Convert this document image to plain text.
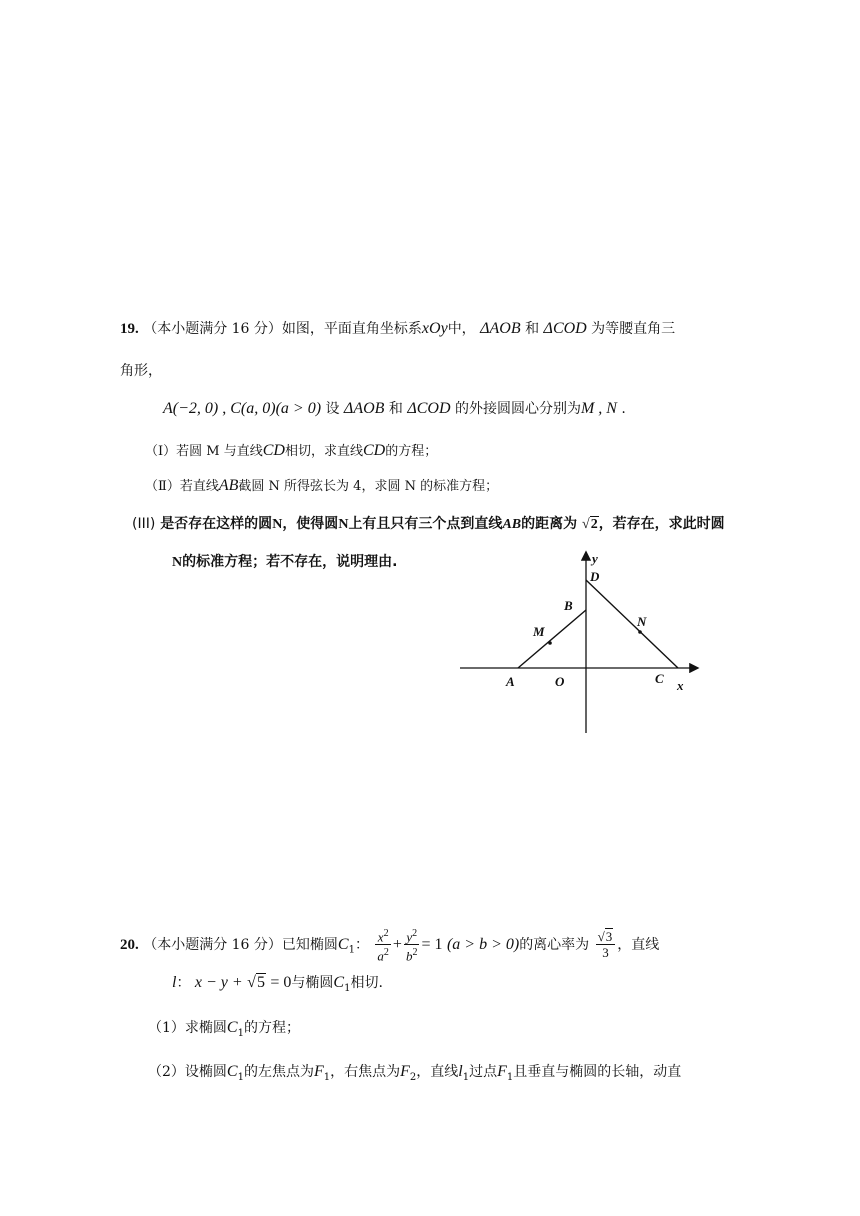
19. （本小题满分 16 分）如图，平面直角坐标系xOy中， ΔAOB 和 ΔCOD 为等腰直角三
角形，
A(−2, 0) , C(a, 0)(a > 0) 设 ΔAOB 和 ΔCOD 的外接圆圆心分别为M , N .
（Ⅰ）若圆 M 与直线CD相切，求直线CD的方程；
（Ⅱ）若直线AB截圆 N 所得弦长为 4，求圆 N 的标准方程；
(III) 是否存在这样的圆N，使得圆N上有且只有三个点到直线AB的距离为 √2，若存在，求此时圆
N的标准方程；若不存在，说明理由.
A	O	C x
y
D
B
M
N
20. （本小题满分 16 分）已知椭圆$C_1$： $\frac{x^2}{a^2} + \frac{y^2}{b^2} = 1$ (a > b > 0)的离心率为 $\frac{√3}{3}$ ，直线
l： x − y + √5 = 0与椭圆$C_1$相切.
（1）求椭圆$C_1$的方程；
（2）设椭圆$C_1$的左焦点为$F_1$，右焦点为$F_2$，直线$l_1$过点$F_1$且垂直与椭圆的长轴，动直
